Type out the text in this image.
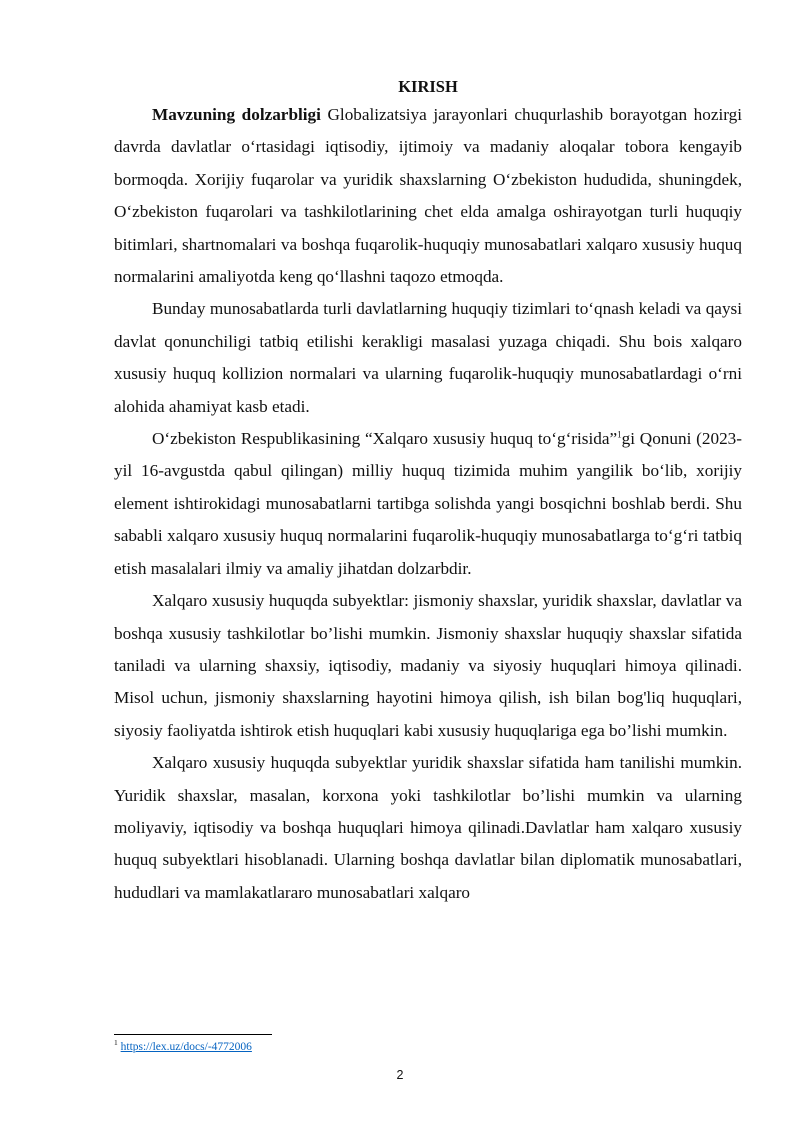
KIRISH

Mavzuning dolzarbligi Globalizatsiya jarayonlari chuqurlashib borayotgan hozirgi davrda davlatlar o‘rtasidagi iqtisodiy, ijtimoiy va madaniy aloqalar tobora kengayib bormoqda. Xorijiy fuqarolar va yuridik shaxslarning O‘zbekiston hududida, shuningdek, O‘zbekiston fuqarolari va tashkilotlarining chet elda amalga oshirayotgan turli huquqiy bitimlari, shartnomalari va boshqa fuqarolik-huquqiy munosabatlari xalqaro xususiy huquq normalarini amaliyotda keng qo‘llashni taqozo etmoqda.

Bunday munosabatlarda turli davlatlarning huquqiy tizimlari to‘qnash keladi va qaysi davlat qonunchiligi tatbiq etilishi kerakligi masalasi yuzaga chiqadi. Shu bois xalqaro xususiy huquq kollizion normalari va ularning fuqarolik-huquqiy munosabatlardagi o‘rni alohida ahamiyat kasb etadi.

O‘zbekiston Respublikasining “Xalqaro xususiy huquq to‘g‘risida”$^1$gi Qonuni (2023-yil 16-avgustda qabul qilingan) milliy huquq tizimida muhim yangilik bo‘lib, xorijiy element ishtirokidagi munosabatlarni tartibga solishda yangi bosqichni boshlab berdi. Shu sababli xalqaro xususiy huquq normalarini fuqarolik-huquqiy munosabatlarga to‘g‘ri tatbiq etish masalalari ilmiy va amaliy jihatdan dolzarbdir.

Xalqaro xususiy huquqda subyektlar: jismoniy shaxslar, yuridik shaxslar, davlatlar va boshqa xususiy tashkilotlar bo’lishi mumkin. Jismoniy shaxslar huquqiy shaxslar sifatida taniladi va ularning shaxsiy, iqtisodiy, madaniy va siyosiy huquqlari himoya qilinadi. Misol uchun, jismoniy shaxslarning hayotini himoya qilish, ish bilan bog'liq huquqlari, siyosiy faoliyatda ishtirok etish huquqlari kabi xususiy huquqlariga ega bo’lishi mumkin.

Xalqaro xususiy huquqda subyektlar yuridik shaxslar sifatida ham tanilishi mumkin. Yuridik shaxslar, masalan, korxona yoki tashkilotlar bo’lishi mumkin va ularning moliyaviy, iqtisodiy va boshqa huquqlari himoya qilinadi.Davlatlar ham xalqaro xususiy huquq subyektlari hisoblanadi. Ularning boshqa davlatlar bilan diplomatik munosabatlari, hududlari va mamlakatlararo munosabatlari xalqaro

$^1$ https://lex.uz/docs/-4772006
2
